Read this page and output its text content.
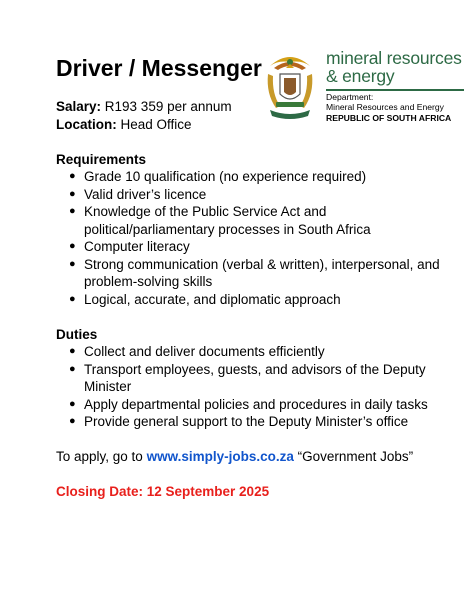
Driver / Messenger	mineral resources
& energy
Department:
Mineral Resources and Energy
REPUBLIC OF SOUTH AFRICA

Salary: R193 359 per annum

Location: Head Office

Requirements
● Grade 10 qualification (no experience required)
● Valid driver’s licence
● Knowledge of the Public Service Act and political/parliamentary processes in South Africa
● Computer literacy
● Strong communication (verbal & written), interpersonal, and problem-solving skills
● Logical, accurate, and diplomatic approach
Duties
● Collect and deliver documents efficiently
● Transport employees, guests, and advisors of the Deputy Minister
● Apply departmental policies and procedures in daily tasks
● Provide general support to the Deputy Minister’s office
To apply, go to www.simply-jobs.co.za “Government Jobs”
Closing Date: 12 September 2025
